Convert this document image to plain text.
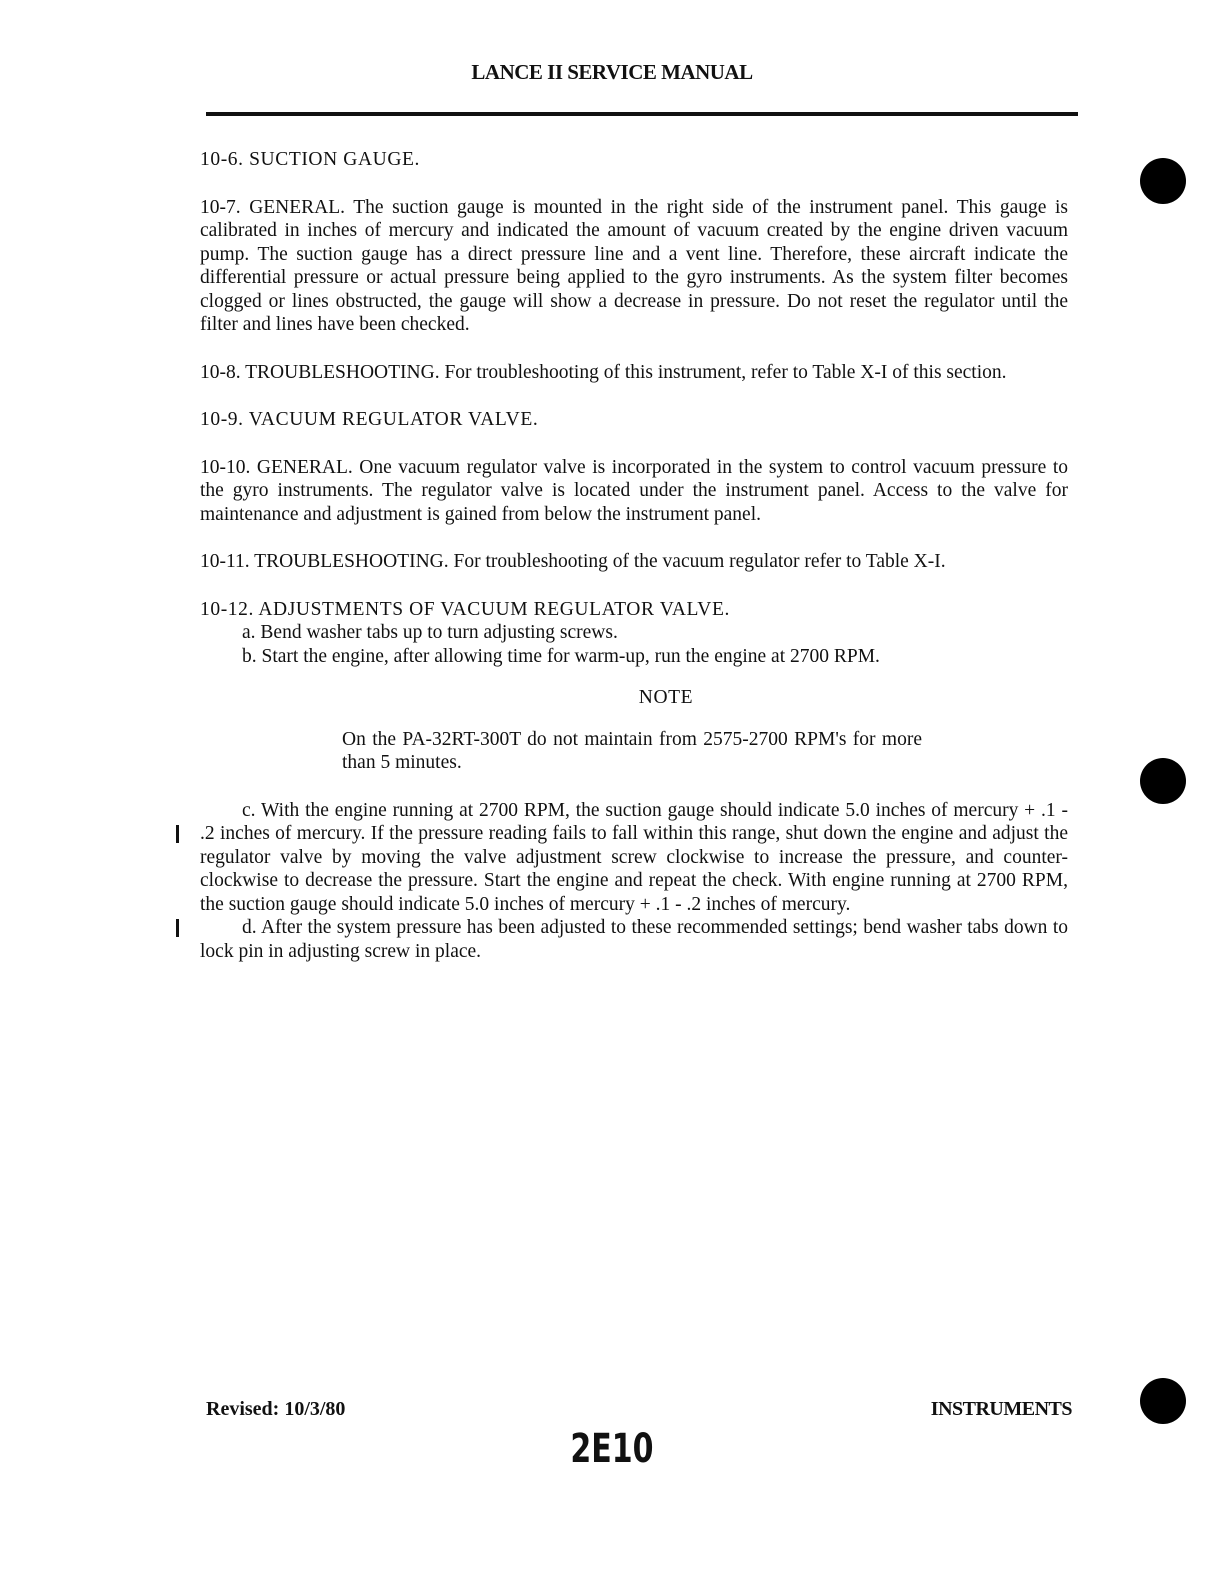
LANCE II SERVICE MANUAL

10-6. SUCTION GAUGE.

10-7. GENERAL. The suction gauge is mounted in the right side of the instrument panel. This gauge is calibrated in inches of mercury and indicated the amount of vacuum created by the engine driven vacuum pump. The suction gauge has a direct pressure line and a vent line. Therefore, these aircraft indicate the differential pressure or actual pressure being applied to the gyro instruments. As the system filter becomes clogged or lines obstructed, the gauge will show a decrease in pressure. Do not reset the regulator until the filter and lines have been checked.

10-8. TROUBLESHOOTING. For troubleshooting of this instrument, refer to Table X-I of this section.

10-9. VACUUM REGULATOR VALVE.

10-10. GENERAL. One vacuum regulator valve is incorporated in the system to control vacuum pressure to the gyro instruments. The regulator valve is located under the instrument panel. Access to the valve for maintenance and adjustment is gained from below the instrument panel.

10-11. TROUBLESHOOTING. For troubleshooting of the vacuum regulator refer to Table X-I.

10-12. ADJUSTMENTS OF VACUUM REGULATOR VALVE.

a. Bend washer tabs up to turn adjusting screws.

b. Start the engine, after allowing time for warm-up, run the engine at 2700 RPM.

NOTE

On the PA-32RT-300T do not maintain from 2575-2700 RPM's for more than 5 minutes.

c. With the engine running at 2700 RPM, the suction gauge should indicate 5.0 inches of mercury + .1 - .2 inches of mercury. If the pressure reading fails to fall within this range, shut down the engine and adjust the regulator valve by moving the valve adjustment screw clockwise to increase the pressure, and counter-clockwise to decrease the pressure. Start the engine and repeat the check. With engine running at 2700 RPM, the suction gauge should indicate 5.0 inches of mercury + .1 - .2 inches of mercury.

d. After the system pressure has been adjusted to these recommended settings; bend washer tabs down to lock pin in adjusting screw in place.

Revised: 10/3/80	INSTRUMENTS
2E10
